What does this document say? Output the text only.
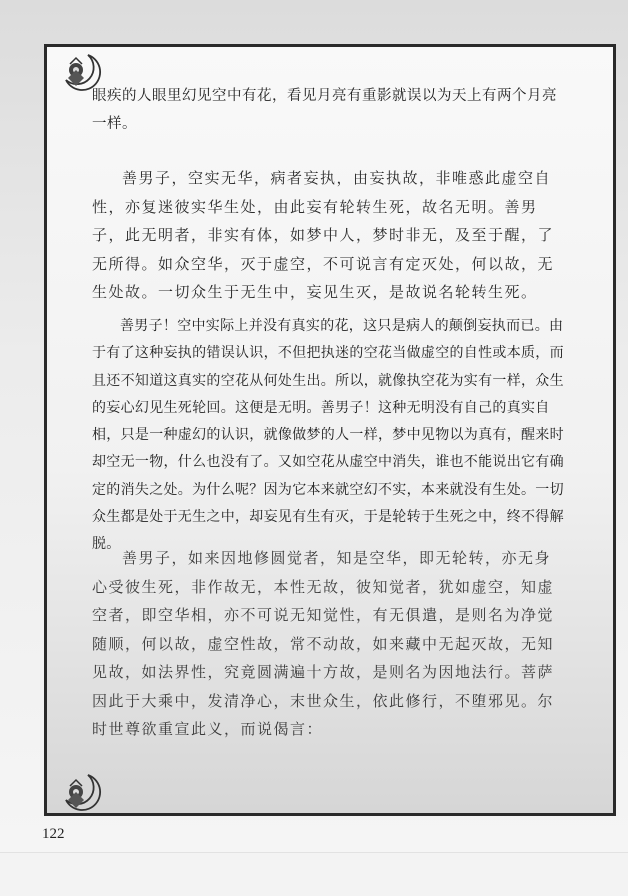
眼疾的人眼里幻见空中有花，看见月亮有重影就误以为天上有两个月亮一样。
善男子，空实无华，病者妄执，由妄执故，非唯惑此虚空自性，亦复迷彼实华生处，由此妄有轮转生死，故名无明。善男子，此无明者，非实有体，如梦中人，梦时非无，及至于醒，了无所得。如众空华，灭于虚空，不可说言有定灭处，何以故，无生处故。一切众生于无生中，妄见生灭，是故说名轮转生死。
善男子！空中实际上并没有真实的花，这只是病人的颠倒妄执而已。由于有了这种妄执的错误认识，不但把执迷的空花当做虚空的自性或本质，而且还不知道这真实的空花从何处生出。所以，就像执空花为实有一样，众生的妄心幻见生死轮回。这便是无明。善男子！这种无明没有自己的真实自相，只是一种虚幻的认识，就像做梦的人一样，梦中见物以为真有，醒来时却空无一物，什么也没有了。又如空花从虚空中消失，谁也不能说出它有确定的消失之处。为什么呢？因为它本来就空幻不实，本来就没有生处。一切众生都是处于无生之中，却妄见有生有灭，于是轮转于生死之中，终不得解脱。
善男子，如来因地修圆觉者，知是空华，即无轮转，亦无身心受彼生死，非作故无，本性无故，彼知觉者，犹如虚空，知虚空者，即空华相，亦不可说无知觉性，有无俱遣，是则名为净觉随顺，何以故，虚空性故，常不动故，如来藏中无起灭故，无知见故，如法界性，究竟圆满遍十方故，是则名为因地法行。菩萨因此于大乘中，发清净心，末世众生，依此修行，不堕邪见。尔时世尊欲重宣此义，而说偈言：
122
